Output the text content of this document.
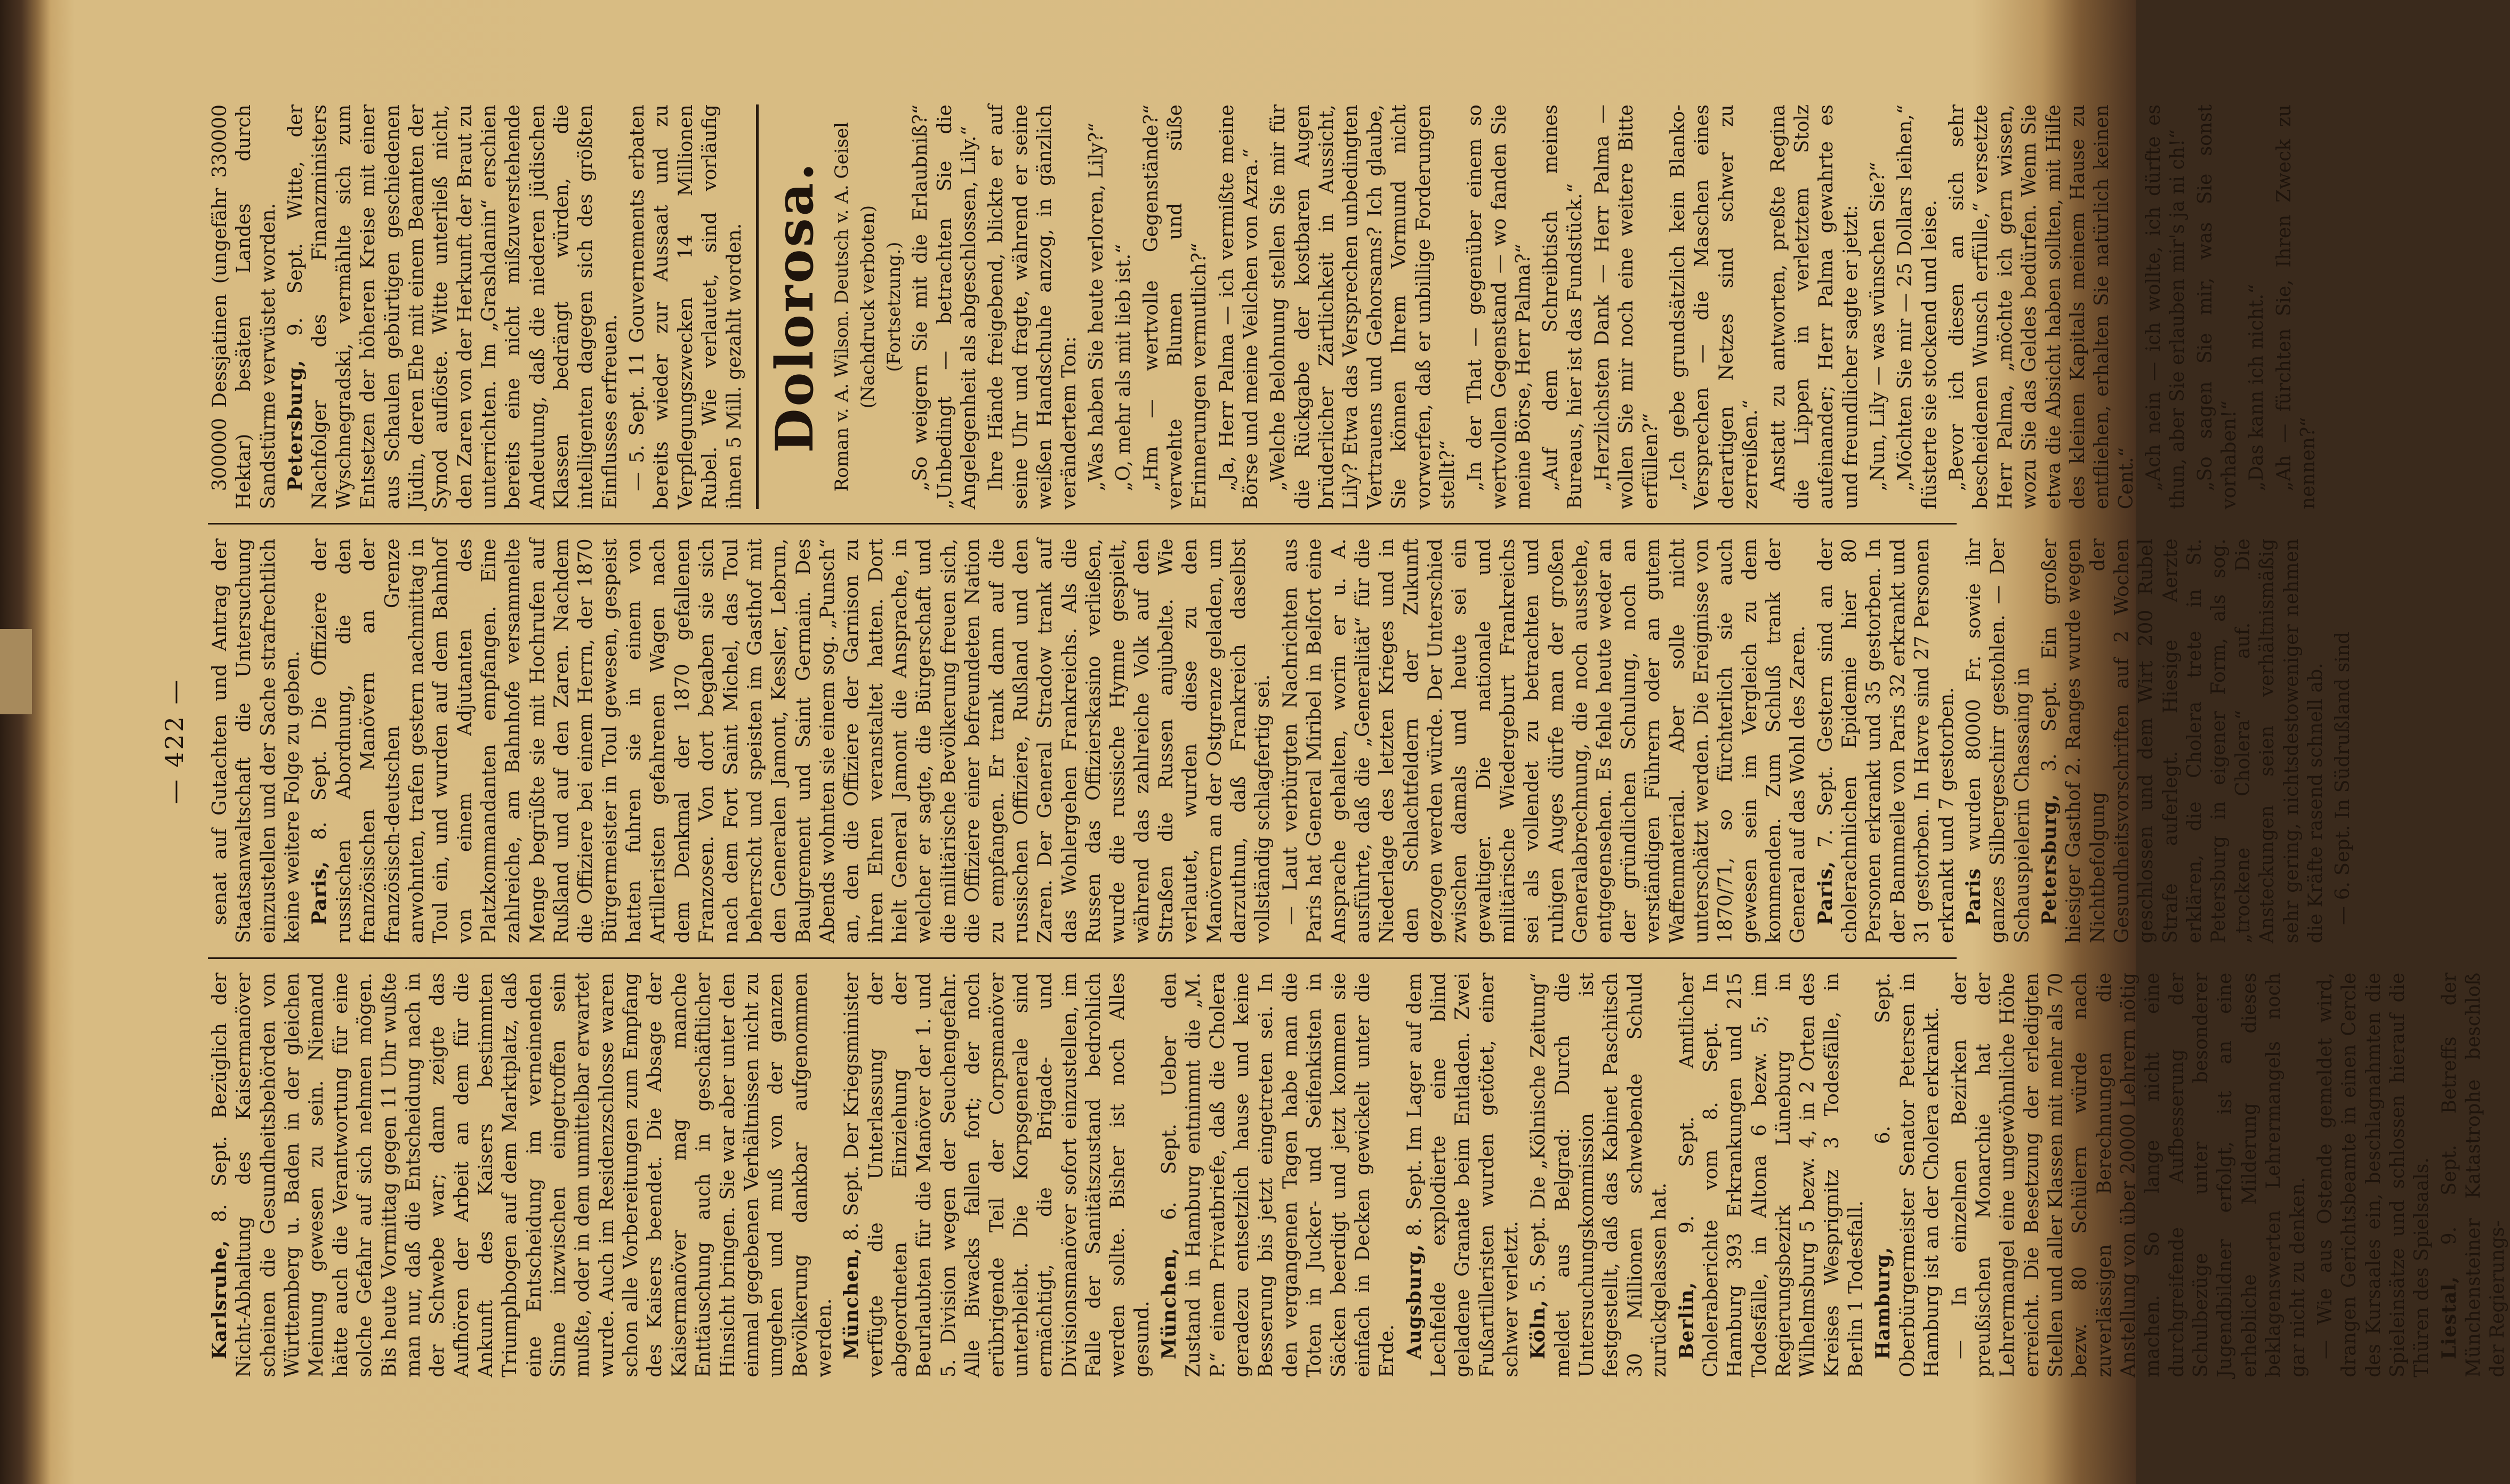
— 422 —

Karlsruhe, 8. Sept. Bezüglich der Nicht-Abhaltung des Kaisermanöver scheinen die Gesundheitsbehörden von Württemberg u. Baden in der gleichen Meinung gewesen zu sein. Niemand hätte auch die Verantwortung für eine solche Gefahr auf sich nehmen mögen. Bis heute Vormittag gegen 11 Uhr wußte man nur, daß die Entscheidung nach in der Schwebe war; dann zeigte das Aufhören der Arbeit an dem für die Ankunft des Kaisers bestimmten Triumphbogen auf dem Marktplatz, daß eine Entscheidung im verneinenden Sinne inzwischen eingetroffen sein mußte, oder in dem unmittelbar erwartet wurde. Auch im Residenzschlosse waren schon alle Vorbereitungen zum Empfang des Kaisers beendet. Die Absage der Kaisermanöver mag manche Enttäuschung auch in geschäftlicher Hinsicht bringen. Sie war aber unter den einmal gegebenen Verhältnissen nicht zu umgehen und muß von der ganzen Bevölkerung dankbar aufgenommen werden. München, 8. Sept. Der Kriegsminister verfügte die Unterlassung der abgeordneten Einziehung der Beurlaubten für die Manöver der 1. und 5. Division wegen der Seuchengefahr. Alle Biwacks fallen fort; der noch erübrigende Teil der Corpsmanöver unterbleibt. Die Korpsgenerale sind ermächtigt, die Brigade- und Divisionsmanöver sofort einzustellen, im Falle der Sanitätszustand bedrohlich werden sollte. Bisher ist noch Alles gesund. München, 6. Sept. Ueber den Zustand in Hamburg entnimmt die „M. P.“ einem Privatbriefe, daß die Cholera geradezu entsetzlich hause und keine Besserung bis jetzt eingetreten sei. In den vergangenen Tagen habe man die Toten in Jucker- und Seifenkisten in Säcken beerdigt und jetzt kommen sie einfach in Decken gewickelt unter die Erde. Augsburg, 8. Sept. Im Lager auf dem Lechfelde explodierte eine blind geladene Granate beim Entladen. Zwei Fußartilleristen wurden getötet, einer schwer verletzt. Köln, 5. Sept. Die „Kölnische Zeitung“ meldet aus Belgrad: Durch die Untersuchungskommission ist festgestellt, daß das Kabinet Paschitsch 30 Millionen schwebende Schuld zurückgelassen hat. Berlin, 9. Sept. Amtlicher Choleraberichte vom 8. Sept. In Hamburg 393 Erkrankungen und 215 Todesfälle, in Altona 6 bezw. 5; im Regierungsbezirk Lüneburg in Wilhelmsburg 5 bezw. 4, in 2 Orten des Kreises Wesprignitz 3 Todesfälle, in Berlin 1 Todesfall. Hamburg, 6. Sept. Oberbürgermeister Senator Petersen in Hamburg ist an der Cholera erkrankt. — In einzelnen Bezirken der preußischen Monarchie hat der Lehrermangel eine ungewöhnliche Höhe erreicht. Die Besetzung der erledigten Stellen und aller Klassen mit mehr als 70 bezw. 80 Schülern würde nach zuverlässigen Berechnungen die Anstellung von über 20000 Lehrern nötig machen. So lange nicht eine durchgreifende Aufbesserung der Schulbezüge unter besonderer Jugendbildner erfolgt, ist an eine erhebliche Milderung dieses beklagenswerten Lehrermangels noch gar nicht zu denken. — Wie aus Ostende gemeldet wird, drangen Gerichtsbeamte in einen Cercle des Kursaales ein, beschlagnahmten die Spieleinsätze und schlossen hierauf die Thüren des Spielsaals. Liestal, 9. Sept. Betreffs der Münchensteiner Katastrophe beschloß der Regierungs-

senat auf Gutachten und Antrag der Staatsanwaltschaft die Untersuchung einzustellen und der Sache strafrechtlich keine weitere Folge zu geben. Paris, 8. Sept. Die Offiziere der russischen Abordnung, die den französischen Manövern an der französisch-deutschen Grenze anwohnten, trafen gestern nachmittag in Toul ein, und wurden auf dem Bahnhof von einem Adjutanten des Platzkommandanten empfangen. Eine zahlreiche, am Bahnhofe versammelte Menge begrüßte sie mit Hochrufen auf Rußland und auf den Zaren. Nachdem die Offiziere bei einem Herrn, der 1870 Bürgermeister in Toul gewesen, gespeist hatten fuhren sie in einem von Artilleristen gefahrenen Wagen nach dem Denkmal der 1870 gefallenen Franzosen. Von dort begaben sie sich nach dem Fort Saint Michel, das Toul beherrscht und speisten im Gasthof mit den Generalen Jamont, Kessler, Lebrun, Baulgrement und Saint Germain. Des Abends wohnten sie einem sog. „Punsch“ an, den die Offiziere der Garnison zu ihren Ehren veranstaltet hatten. Dort hielt General Jamont die Ansprache, in welcher er sagte, die Bürgerschaft und die militärische Bevölkerung freuen sich, die Offiziere einer befreundeten Nation zu empfangen. Er trank dann auf die russischen Offiziere, Rußland und den Zaren. Der General Stradow trank auf das Wohlergehen Frankreichs. Als die Russen das Offizierskasino verließen, wurde die russische Hymne gespielt, während das zahlreiche Volk auf den Straßen die Russen anjubelte. Wie verlautet, wurden diese zu den Manövern an der Ostgrenze geladen, um darzuthun, daß Frankreich daselbst vollständig schlagfertig sei. — Laut verbürgten Nachrichten aus Paris hat General Miribel in Belfort eine Ansprache gehalten, worin er u. A. ausführte, daß die „Generalität“ für die Niederlage des letzten Krieges und in den Schlachtfeldern der Zukunft gezogen werden würde. Der Unterschied zwischen damals und heute sei ein gewaltiger. Die nationale und militärische Wiedergeburt Frankreichs sei als vollendet zu betrachten und ruhigen Auges dürfe man der großen Generalabrechnung, die noch ausstehe, entgegensehen. Es fehle heute weder an der gründlichen Schulung, noch an verständigen Führern oder an gutem Waffenmaterial. Aber solle nicht unterschätzt werden. Die Ereignisse von 1870/71, so fürchterlich sie auch gewesen sein im Vergleich zu dem kommenden. Zum Schluß trank der General auf das Wohl des Zaren. Paris, 7. Sept. Gestern sind an der cholerachnlichen Epidemie hier 80 Personen erkrankt und 35 gestorben. In der Bannmeile von Paris 32 erkrankt und 31 gestorben. In Havre sind 27 Personen erkrankt und 7 gestorben. Paris wurden 80000 Fr. sowie ihr ganzes Silbergeschirr gestohlen. — Der Schauspielerin Chassaing in Petersburg, 3. Sept. Ein großer hiesiger Gasthof 2. Ranges wurde wegen Nichtbefolgung der Gesundheitsvorschriften auf 2 Wochen geschlossen und dem Wirt 200 Rubel Strafe auferlegt. Hiesige Aerzte erklären, die Cholera trete in St. Petersburg in eigener Form, als sog. „trockene Cholera“ auf. Die Ansteckungen seien verhältnismäßig sehr gering, nichtsdestoweniger nehmen die Kräfte rasend schnell ab. — 6. Sept. In Südrußland sind

300000 Dessjatinen (ungefähr 330000 Hektar) besäten Landes durch Sandstürme verwüstet worden. Petersburg, 9. Sept. Witte, der Nachfolger des Finanzministers Wyschnegradski, vermählte sich zum Entsetzen der höheren Kreise mit einer aus Schaulen gebürtigen geschiedenen Jüdin, deren Ehe mit einem Beamten der Synod auflöste. Witte unterließ nicht, den Zaren von der Herkunft der Braut zu unterrichten. Im „Grashdanin“ erschien bereits eine nicht mißzuverstehende Andeutung, daß die niederen jüdischen Klassen bedrängt würden, die intelligenten dagegen sich des größten Einflusses erfreuen. — 5. Sept. 11 Gouvernements erbaten bereits wieder zur Aussaat und zu Verpflegungszwecken 14 Millionen Rubel. Wie verlautet, sind vorläufig ihnen 5 Mill. gezahlt worden. Dolorosa. Roman v. A. Wilson. Deutsch v. A. Geisel (Nachdruck verboten) (Fortsetzung.) „So weigern Sie mit die Erlaubniß?“ „Unbedingt — betrachten Sie die Angelegenheit als abgeschlossen, Lily.“ Ihre Hände freigebend, blickte er auf seine Uhr und fragte, während er seine weißen Handschuhe anzog, in gänzlich verändertem Ton: „Was haben Sie heute verloren, Lily?“ „O, mehr als mit lieb ist.“ „Hm — wertvolle Gegenstände?“ verwehte Blumen und süße Erinnerungen vermutlich?“ „Ja, Herr Palma — ich vermißte meine Börse und meine Veilchen von Azra.“ „Welche Belohnung stellen Sie mir für die Rückgabe der kostbaren Augen brüderlicher Zärtlichkeit in Aussicht, Lily? Etwa das Versprechen unbedingten Vertrauens und Gehorsams? Ich glaube, Sie können Ihrem Vormund nicht vorwerfen, daß er unbillige Forderungen stellt?“ „In der That — gegenüber einem so wertvollen Gegenstand — wo fanden Sie meine Börse, Herr Palma?“ „Auf dem Schreibtisch meines Bureaus, hier ist das Fundstück.“ „Herzlichsten Dank — Herr Palma — wollen Sie mir noch eine weitere Bitte erfüllen?“ „Ich gebe grundsätzlich kein Blanko-Versprechen — die Maschen eines derartigen Netzes sind schwer zu zerreißen.“ Anstatt zu antworten, preßte Regina die Lippen in verletztem Stolz aufeinander; Herr Palma gewahrte es und freundlicher sagte er jetzt: „Nun, Lily — was wünschen Sie?“ „Möchten Sie mir — 25 Dollars leihen,“ flüsterte sie stockend und leise. „Bevor ich diesen an sich sehr bescheidenen Wunsch erfülle,“ versetzte Herr Palma, „möchte ich gern wissen, wozu Sie das Geldes bedürfen. Wenn Sie etwa die Absicht haben sollten, mit Hilfe des kleinen Kapitals meinem Hause zu entfliehen, erhalten Sie natürlich keinen Cent.“ „Ach nein — ich wollte, ich dürfte es thun, aber Sie erlauben mir's ja ni ch!“ „So sagen Sie mir, was Sie sonst vorhaben!“ „Das kann ich nicht.“ „Ah — fürchten Sie, Ihren Zweck zu nennen?“
